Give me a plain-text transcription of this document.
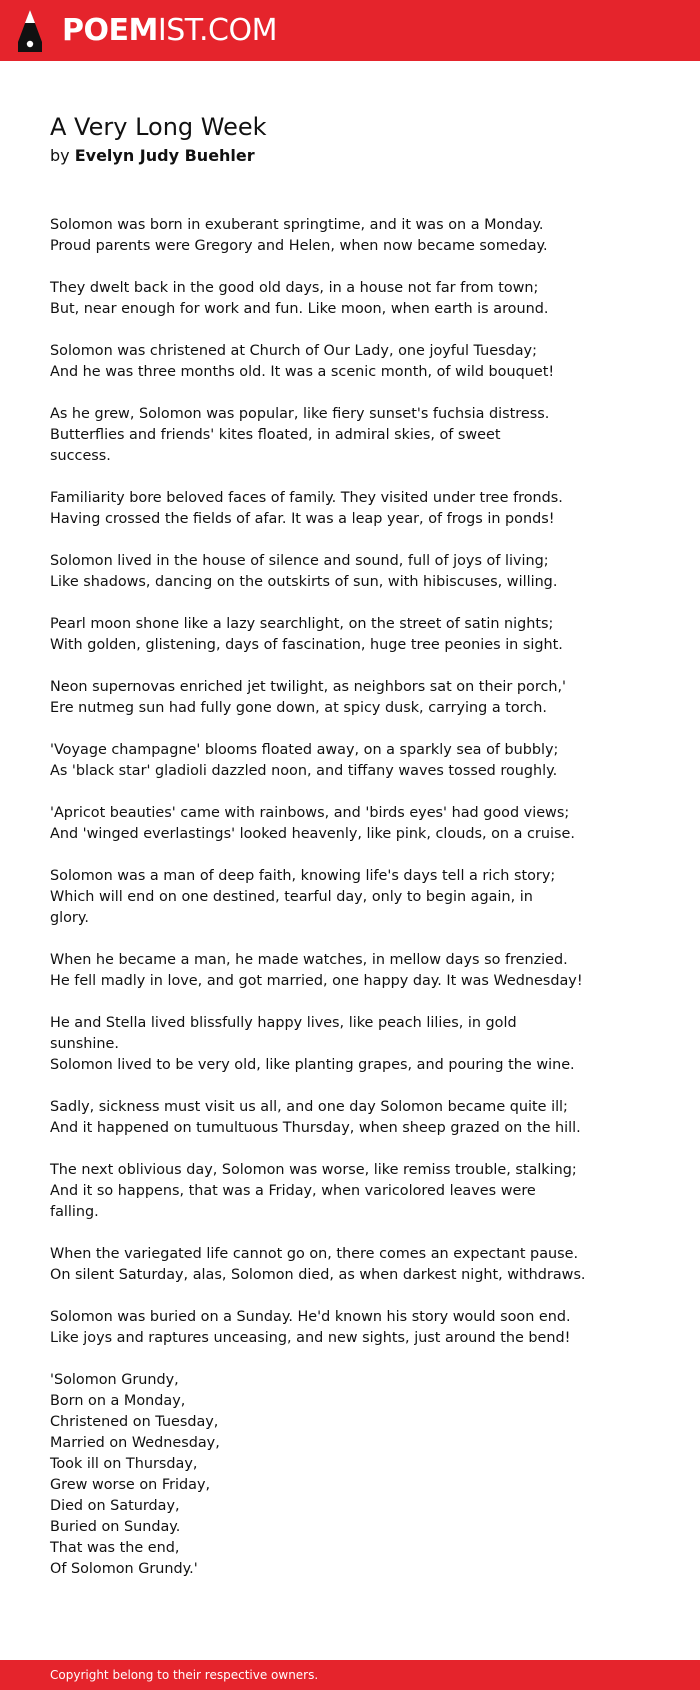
POEMIST.COM
A Very Long Week
by Evelyn Judy Buehler

Solomon was born in exuberant springtime, and it was on a Monday.
Proud parents were Gregory and Helen, when now became someday.

They dwelt back in the good old days, in a house not far from town;
But, near enough for work and fun. Like moon, when earth is around.

Solomon was christened at Church of Our Lady, one joyful Tuesday;
And he was three months old. It was a scenic month, of wild bouquet!

As he grew, Solomon was popular, like fiery sunset's fuchsia distress.
Butterflies and friends' kites floated, in admiral skies, of sweet
success.

Familiarity bore beloved faces of family. They visited under tree fronds.
Having crossed the fields of afar. It was a leap year, of frogs in ponds!

Solomon lived in the house of silence and sound, full of joys of living;
Like shadows, dancing on the outskirts of sun, with hibiscuses, willing.

Pearl moon shone like a lazy searchlight, on the street of satin nights;
With golden, glistening, days of fascination, huge tree peonies in sight.

Neon supernovas enriched jet twilight, as neighbors sat on their porch,'
Ere nutmeg sun had fully gone down, at spicy dusk, carrying a torch.

'Voyage champagne' blooms floated away, on a sparkly sea of bubbly;
As 'black star' gladioli dazzled noon, and tiffany waves tossed roughly.

'Apricot beauties' came with rainbows, and 'birds eyes' had good views;
And 'winged everlastings' looked heavenly, like pink, clouds, on a cruise.

Solomon was a man of deep faith, knowing life's days tell a rich story;
Which will end on one destined, tearful day, only to begin again, in
glory.

When he became a man, he made watches, in mellow days so frenzied.
He fell madly in love, and got married, one happy day. It was Wednesday!

He and Stella lived blissfully happy lives, like peach lilies, in gold
sunshine.
Solomon lived to be very old, like planting grapes, and pouring the wine.

Sadly, sickness must visit us all, and one day Solomon became quite ill;
And it happened on tumultuous Thursday, when sheep grazed on the hill.

The next oblivious day, Solomon was worse, like remiss trouble, stalking;
And it so happens, that was a Friday, when varicolored leaves were
falling.

When the variegated life cannot go on, there comes an expectant pause.
On silent Saturday, alas, Solomon died, as when darkest night, withdraws.

Solomon was buried on a Sunday. He'd known his story would soon end.
Like joys and raptures unceasing, and new sights, just around the bend!

'Solomon Grundy,
Born on a Monday,
Christened on Tuesday,
Married on Wednesday,
Took ill on Thursday,
Grew worse on Friday,
Died on Saturday,
Buried on Sunday.
That was the end,
Of Solomon Grundy.'

Copyright belong to their respective owners.
